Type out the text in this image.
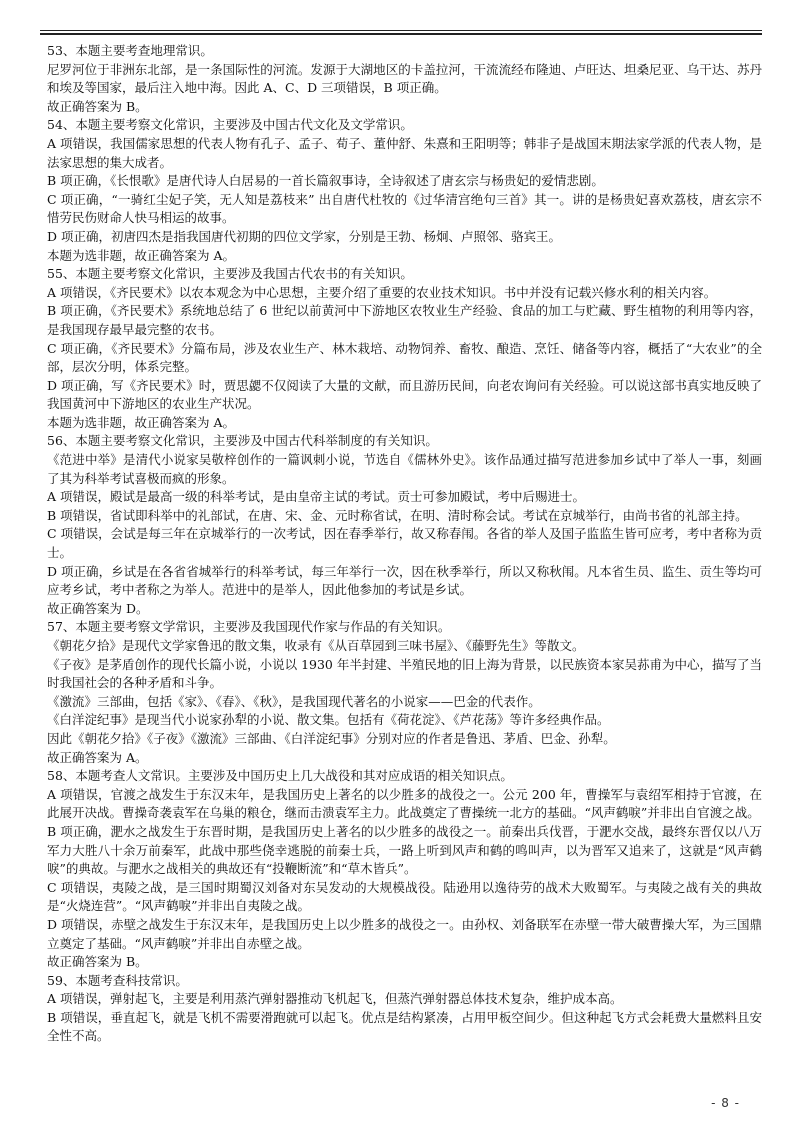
53、本题主要考查地理常识。

尼罗河位于非洲东北部，是一条国际性的河流。发源于大湖地区的卡盖拉河，干流流经布隆迪、卢旺达、坦桑尼亚、乌干达、苏丹和埃及等国家，最后注入地中海。因此 A、C、D 三项错误，B 项正确。

故正确答案为 B。

54、本题主要考察文化常识，主要涉及中国古代文化及文学常识。

A 项错误，我国儒家思想的代表人物有孔子、孟子、荀子、董仲舒、朱熹和王阳明等；韩非子是战国末期法家学派的代表人物，是法家思想的集大成者。

B 项正确，《长恨歌》是唐代诗人白居易的一首长篇叙事诗，全诗叙述了唐玄宗与杨贵妃的爱情悲剧。

C 项正确，“一骑红尘妃子笑，无人知是荔枝来” 出自唐代杜牧的《过华清宫绝句三首》其一。讲的是杨贵妃喜欢荔枝，唐玄宗不惜劳民伤财命人快马相运的故事。

D 项正确，初唐四杰是指我国唐代初期的四位文学家，分别是王勃、杨炯、卢照邻、骆宾王。

本题为选非题，故正确答案为 A。

55、本题主要考察文化常识，主要涉及我国古代农书的有关知识。

A 项错误，《齐民要术》以农本观念为中心思想，主要介绍了重要的农业技术知识。书中并没有记载兴修水利的相关内容。

B 项正确，《齐民要术》系统地总结了 6 世纪以前黄河中下游地区农牧业生产经验、食品的加工与贮藏、野生植物的利用等内容，是我国现存最早最完整的农书。

C 项正确，《齐民要术》分篇布局，涉及农业生产、林木栽培、动物饲养、畜牧、酿造、烹饪、储备等内容，概括了“大农业”的全部，层次分明，体系完整。

D 项正确，写《齐民要术》时，贾思勰不仅阅读了大量的文献，而且游历民间，向老农询问有关经验。可以说这部书真实地反映了我国黄河中下游地区的农业生产状况。

本题为选非题，故正确答案为 A。

56、本题主要考察文化常识，主要涉及中国古代科举制度的有关知识。

《范进中举》是清代小说家吴敬梓创作的一篇讽刺小说，节选自《儒林外史》。该作品通过描写范进参加乡试中了举人一事，刻画了其为科举考试喜极而疯的形象。

A 项错误，殿试是最高一级的科举考试，是由皇帝主试的考试。贡士可参加殿试，考中后赐进士。

B 项错误，省试即科举中的礼部试，在唐、宋、金、元时称省试，在明、清时称会试。考试在京城举行，由尚书省的礼部主持。

C 项错误，会试是每三年在京城举行的一次考试，因在春季举行，故又称春闱。各省的举人及国子监监生皆可应考，考中者称为贡士。

D 项正确，乡试是在各省省城举行的科举考试，每三年举行一次，因在秋季举行，所以又称秋闱。凡本省生员、监生、贡生等均可应考乡试，考中者称之为举人。范进中的是举人，因此他参加的考试是乡试。

故正确答案为 D。

57、本题主要考察文学常识，主要涉及我国现代作家与作品的有关知识。

《朝花夕拾》是现代文学家鲁迅的散文集，收录有《从百草园到三味书屋》、《藤野先生》等散文。

《子夜》是茅盾创作的现代长篇小说，小说以 1930 年半封建、半殖民地的旧上海为背景，以民族资本家吴荪甫为中心，描写了当时我国社会的各种矛盾和斗争。

《激流》三部曲，包括《家》、《春》、《秋》，是我国现代著名的小说家——巴金的代表作。

《白洋淀纪事》是现当代小说家孙犁的小说、散文集。包括有《荷花淀》、《芦花荡》等许多经典作品。

因此《朝花夕拾》《子夜》《激流》三部曲、《白洋淀纪事》分别对应的作者是鲁迅、茅盾、巴金、孙犁。

故正确答案为 A。

58、本题考查人文常识。主要涉及中国历史上几大战役和其对应成语的相关知识点。

A 项错误，官渡之战发生于东汉末年，是我国历史上著名的以少胜多的战役之一。公元 200 年，曹操军与袁绍军相持于官渡，在此展开决战。曹操奇袭袁军在乌巢的粮仓，继而击溃袁军主力。此战奠定了曹操统一北方的基础。“风声鹤唳”并非出自官渡之战。

B 项正确，淝水之战发生于东晋时期，是我国历史上著名的以少胜多的战役之一。前秦出兵伐晋，于淝水交战，最终东晋仅以八万军力大胜八十余万前秦军，此战中那些侥幸逃脱的前秦士兵，一路上听到风声和鹤的鸣叫声，以为晋军又追来了，这就是“风声鹤唳”的典故。与淝水之战相关的典故还有“投鞭断流”和“草木皆兵”。

C 项错误，夷陵之战，是三国时期蜀汉刘备对东吴发动的大规模战役。陆逊用以逸待劳的战术大败蜀军。与夷陵之战有关的典故是“火烧连营”。“风声鹤唳”并非出自夷陵之战。

D 项错误，赤壁之战发生于东汉末年，是我国历史上以少胜多的战役之一。由孙权、刘备联军在赤壁一带大破曹操大军，为三国鼎立奠定了基础。“风声鹤唳”并非出自赤壁之战。

故正确答案为 B。

59、本题考查科技常识。

A 项错误，弹射起飞，主要是利用蒸汽弹射器推动飞机起飞，但蒸汽弹射器总体技术复杂，维护成本高。

B 项错误，垂直起飞，就是飞机不需要滑跑就可以起飞。优点是结构紧凑，占用甲板空间少。但这种起飞方式会耗费大量燃料且安全性不高。

- 8 -
